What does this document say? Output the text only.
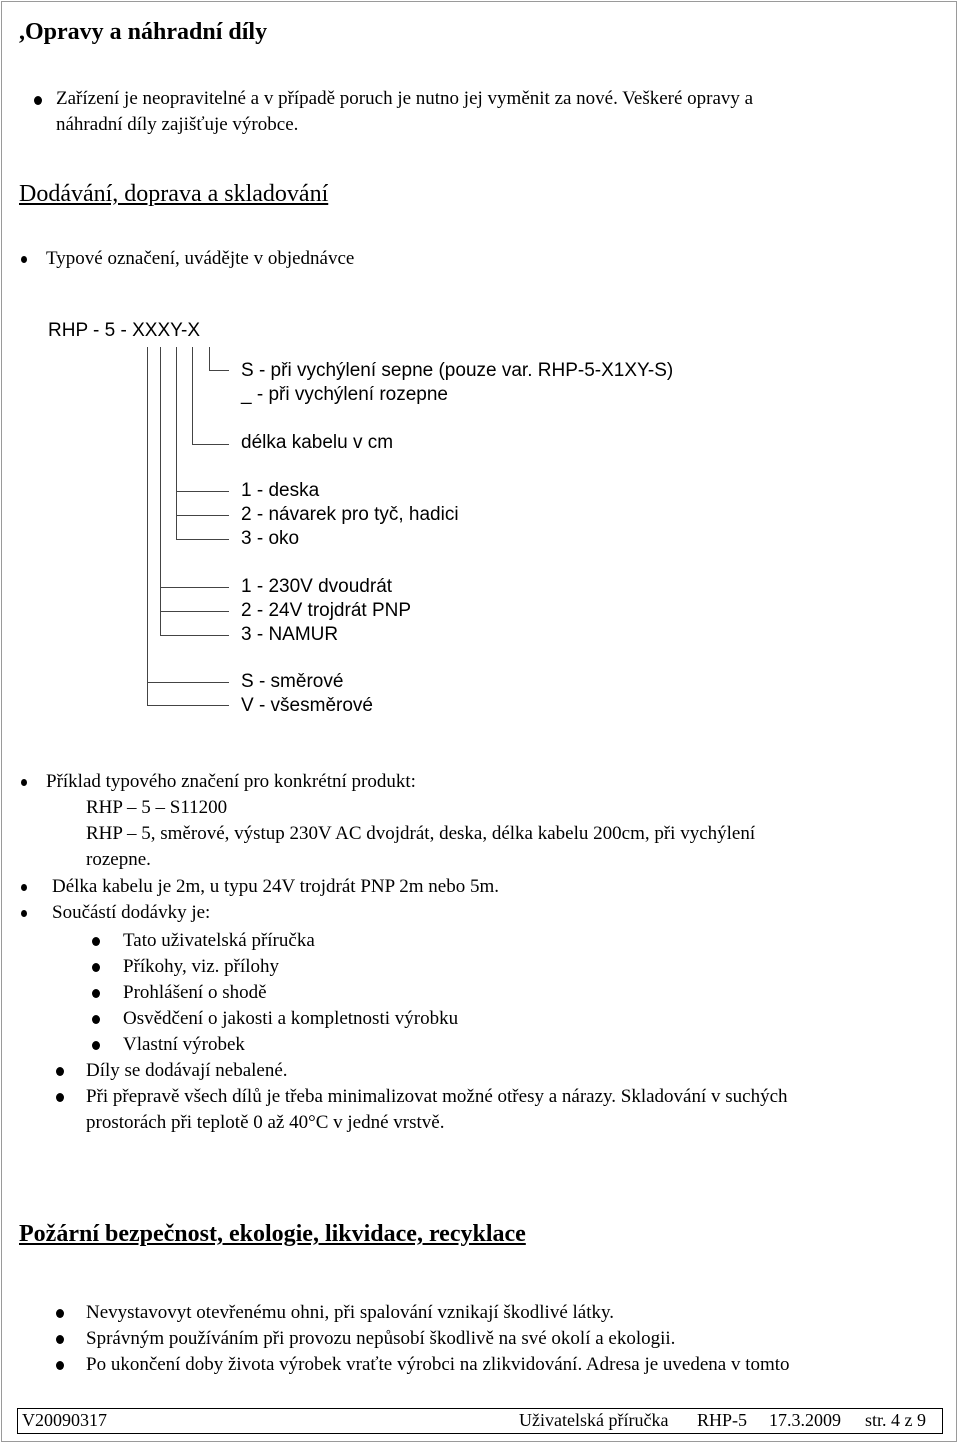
,Opravy a náhradní díly
Zařízení je neopravitelné a v případě poruch je nutno jej vyměnit za nové. Veškeré opravy a
náhradní díly zajišťuje výrobce.
Dodávání, doprava a skladování
Typové označení, uvádějte v objednávce
RHP - 5 - XXXY-X
S - při vychýlení sepne (pouze var. RHP-5-X1XY-S)
_ - při vychýlení rozepne
délka kabelu v cm
1 - deska
2 - návarek pro tyč, hadici
3 - oko
1 - 230V dvoudrát
2 - 24V trojdrát PNP
3 - NAMUR
S - směrové
V - všesměrové
Příklad typového značení pro konkrétní produkt:
RHP – 5 – S11200
RHP – 5, směrové, výstup 230V AC dvojdrát, deska, délka kabelu 200cm, při vychýlení
rozepne.
Délka kabelu je 2m, u typu 24V trojdrát PNP 2m nebo 5m.
Součástí dodávky je:
Tato uživatelská příručka
Příkohy, viz. přílohy
Prohlášení o shodě
Osvědčení o jakosti a kompletnosti výrobku
Vlastní výrobek
Díly se dodávají nebalené.
Při přepravě všech dílů je třeba minimalizovat možné otřesy a nárazy. Skladování v suchých
prostorách při teplotě 0 až 40°C v jedné vrstvě.
Požární bezpečnost, ekologie, likvidace, recyklace
Nevystavovyt otevřenému ohni, při spalování vznikají škodlivé látky.
Správným používáním při provozu nepůsobí škodlivě na své okolí a ekologii.
Po ukončení doby života výrobek vraťte výrobci na zlikvidování. Adresa je uvedena v tomto
V20090317	Uživatelská příručka RHP-5 17.3.2009 str. 4 z 9
